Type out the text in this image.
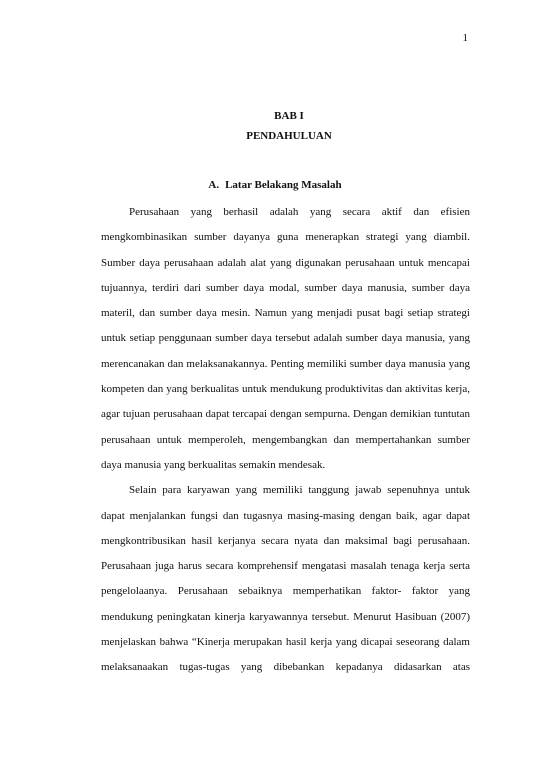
1
BAB I
PENDAHULUAN
A. Latar Belakang Masalah

Perusahaan yang berhasil adalah yang secara aktif dan efisien mengkombinasikan sumber dayanya guna menerapkan strategi yang diambil. Sumber daya perusahaan adalah alat yang digunakan perusahaan untuk mencapai tujuannya, terdiri dari sumber daya modal, sumber daya manusia, sumber daya materil, dan sumber daya mesin. Namun yang menjadi pusat bagi setiap strategi untuk setiap penggunaan sumber daya tersebut adalah sumber daya manusia, yang merencanakan dan melaksanakannya. Penting memiliki sumber daya manusia yang kompeten dan yang berkualitas untuk mendukung produktivitas dan aktivitas kerja, agar tujuan perusahaan dapat tercapai dengan sempurna. Dengan demikian tuntutan perusahaan untuk memperoleh, mengembangkan dan mempertahankan sumber daya manusia yang berkualitas semakin mendesak.

Selain para karyawan yang memiliki tanggung jawab sepenuhnya untuk dapat menjalankan fungsi dan tugasnya masing-masing dengan baik, agar dapat mengkontribusikan hasil kerjanya secara nyata dan maksimal bagi perusahaan. Perusahaan juga harus secara komprehensif mengatasi masalah tenaga kerja serta pengelolaanya. Perusahaan sebaiknya memperhatikan faktor- faktor yang mendukung peningkatan kinerja karyawannya tersebut. Menurut Hasibuan (2007) menjelaskan bahwa “Kinerja merupakan hasil kerja yang dicapai seseorang dalam melaksanaakan tugas-tugas yang dibebankan kepadanya didasarkan atas
